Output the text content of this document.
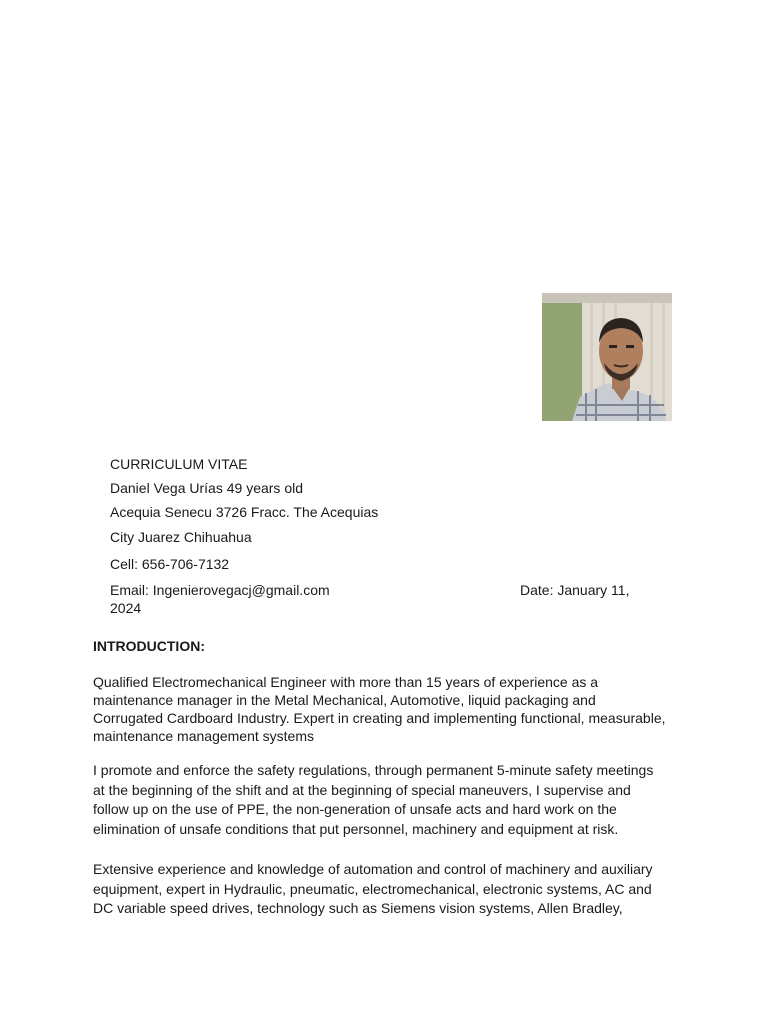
CURRICULUM VITAE
Daniel Vega Urías 49 years old
Acequia Senecu 3726 Fracc. The Acequias
City Juarez Chihuahua
Cell: 656-706-7132
Email: Ingenierovegacj@gmail.com	Date: January 11,
2024
INTRODUCTION:
Qualified Electromechanical Engineer with more than 15 years of experience as a
maintenance manager in the Metal Mechanical, Automotive, liquid packaging and
Corrugated Cardboard Industry. Expert in creating and implementing functional, measurable,
maintenance management systems
I promote and enforce the safety regulations, through permanent 5-minute safety meetings
at the beginning of the shift and at the beginning of special maneuvers, I supervise and
follow up on the use of PPE, the non-generation of unsafe acts and hard work on the
elimination of unsafe conditions that put personnel, machinery and equipment at risk.
Extensive experience and knowledge of automation and control of machinery and auxiliary
equipment, expert in Hydraulic, pneumatic, electromechanical, electronic systems, AC and
DC variable speed drives, technology such as Siemens vision systems, Allen Bradley,
